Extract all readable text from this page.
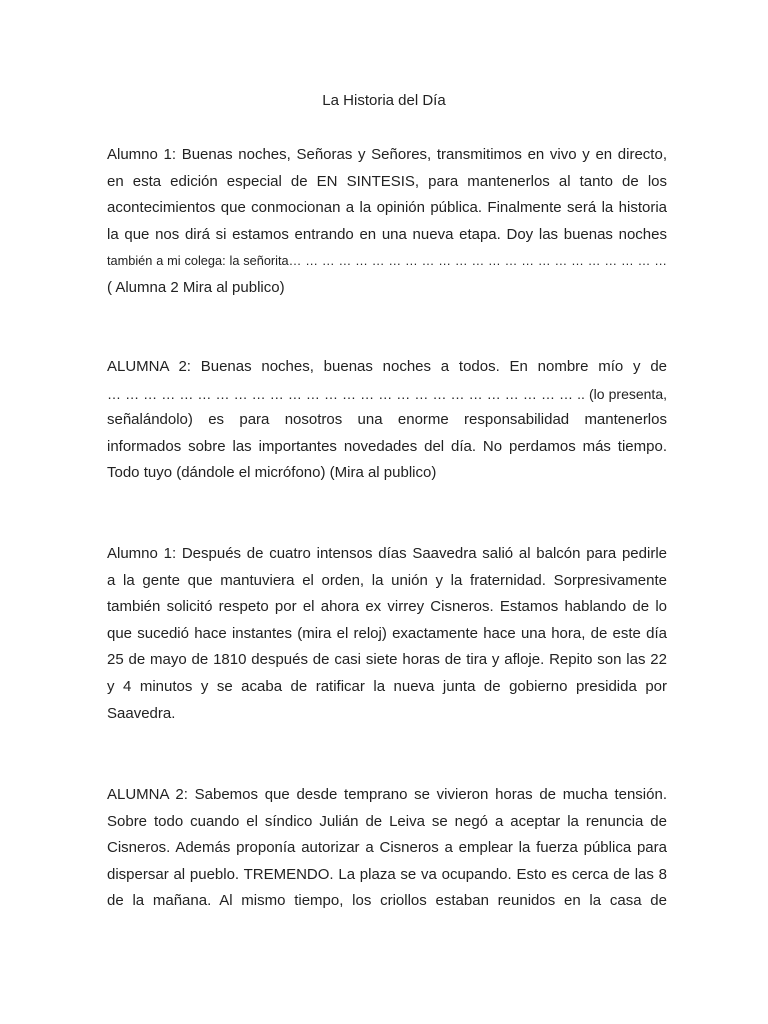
La Historia del Día

Alumno 1: Buenas noches, Señoras y Señores, transmitimos en vivo y en directo,
en esta edición especial de EN SINTESIS, para mantenerlos al tanto de los
acontecimientos que conmocionan a la opinión pública. Finalmente será la historia
la que nos dirá si estamos entrando en una nueva etapa. Doy las buenas noches
también a mi colega: la señorita… … … … … … … … … … … … … … … … … … … … … … …
( Alumna 2 Mira al publico)

ALUMNA 2: Buenas noches, buenas noches a todos. En nombre mío y de
… … … … … … … … … … … … … … … … … … … … … … … … … … .. (lo presenta,
señalándolo) es para nosotros una enorme responsabilidad mantenerlos
informados sobre las importantes novedades del día. No perdamos más tiempo.
Todo tuyo (dándole el micrófono) (Mira al publico)

Alumno 1: Después de cuatro intensos días Saavedra salió al balcón para pedirle
a la gente que mantuviera el orden, la unión y la fraternidad. Sorpresivamente
también solicitó respeto por el ahora ex virrey Cisneros. Estamos hablando de lo
que sucedió hace instantes (mira el reloj) exactamente hace una hora, de este día
25 de mayo de 1810 después de casi siete horas de tira y afloje. Repito son las 22
y 4 minutos y se acaba de ratificar la nueva junta de gobierno presidida por
Saavedra.

ALUMNA 2: Sabemos que desde temprano se vivieron horas de mucha tensión.
Sobre todo cuando el síndico Julián de Leiva se negó a aceptar la renuncia de
Cisneros. Además proponía autorizar a Cisneros a emplear la fuerza pública para
dispersar al pueblo. TREMENDO. La plaza se va ocupando. Esto es cerca de las 8
de la mañana. Al mismo tiempo, los criollos estaban reunidos en la casa de
